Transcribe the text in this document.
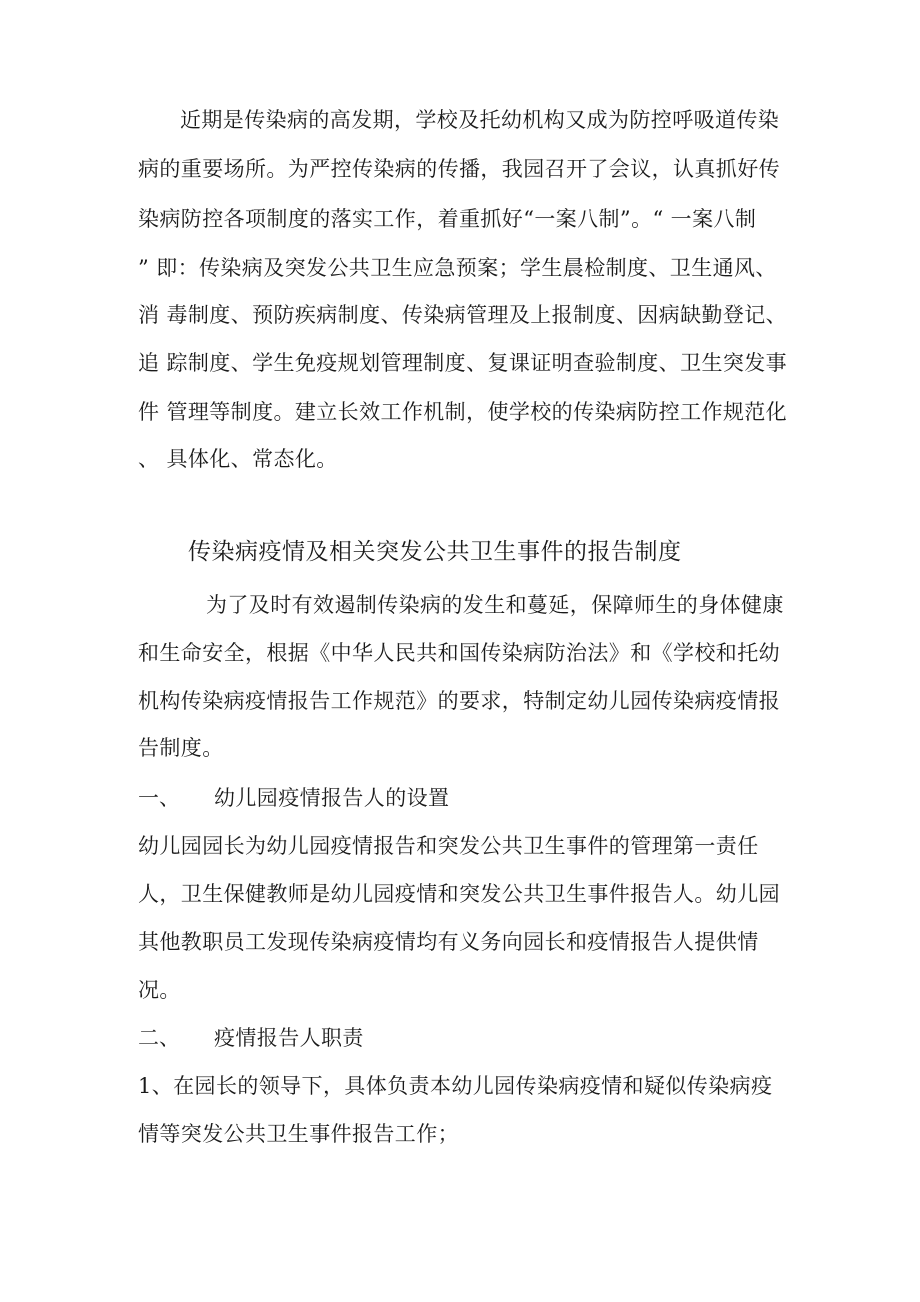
近期是传染病的高发期，学校及托幼机构又成为防控呼吸道传染
病的重要场所。为严控传染病的传播，我园召开了会议，认真抓好传
染病防控各项制度的落实工作，着重抓好“一案八制”。“ 一案八制
” 即：传染病及突发公共卫生应急预案；学生晨检制度、卫生通风、
消 毒制度、预防疾病制度、传染病管理及上报制度、因病缺勤登记、
追 踪制度、学生免疫规划管理制度、复课证明查验制度、卫生突发事
件 管理等制度。建立长效工作机制，使学校的传染病防控工作规范化
、 具体化、常态化。
传染病疫情及相关突发公共卫生事件的报告制度
为了及时有效遏制传染病的发生和蔓延，保障师生的身体健康
和生命安全，根据《中华人民共和国传染病防治法》和《学校和托幼
机构传染病疫情报告工作规范》的要求，特制定幼儿园传染病疫情报
告制度。
一、 幼儿园疫情报告人的设置
幼儿园园长为幼儿园疫情报告和突发公共卫生事件的管理第一责任
人，卫生保健教师是幼儿园疫情和突发公共卫生事件报告人。幼儿园
其他教职员工发现传染病疫情均有义务向园长和疫情报告人提供情
况。
二、 疫情报告人职责
1、在园长的领导下，具体负责本幼儿园传染病疫情和疑似传染病疫
情等突发公共卫生事件报告工作；
